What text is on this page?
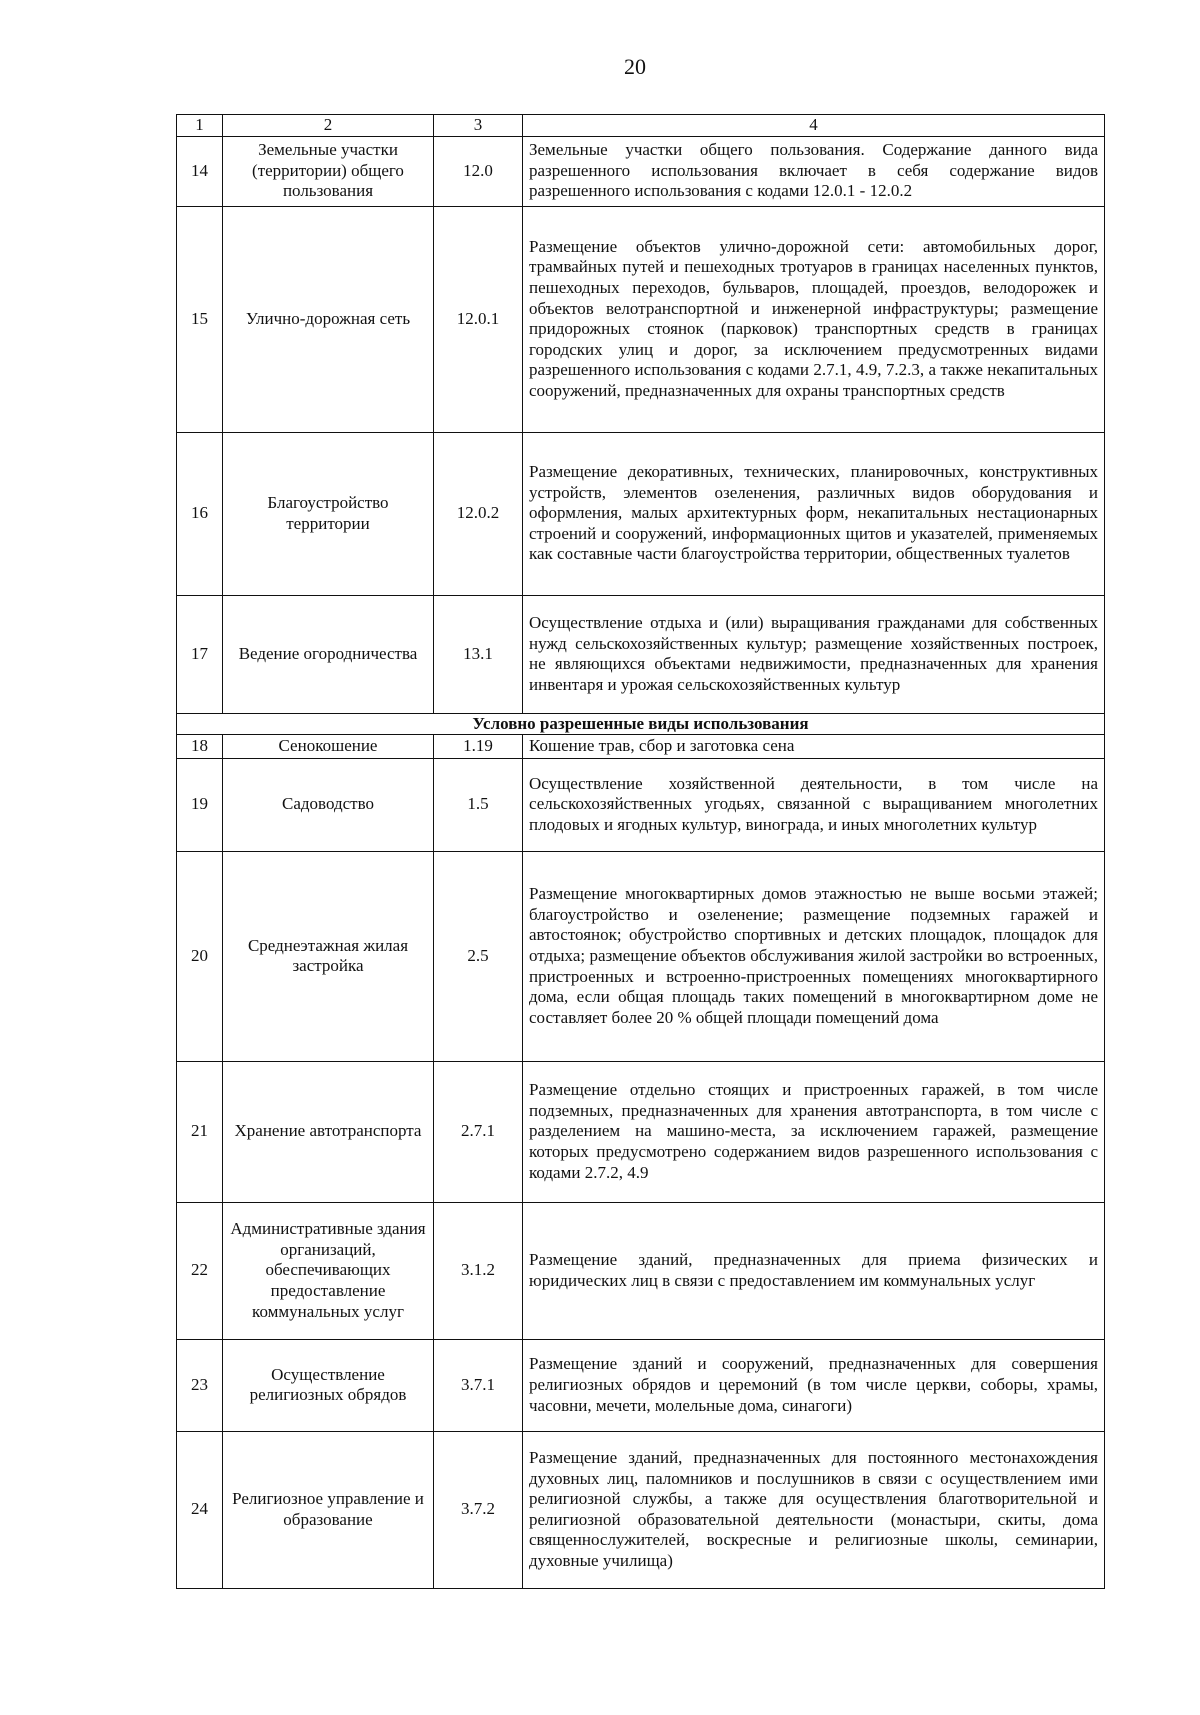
20
1	2	3	4
14	Земельные участки (территории) общего пользования	12.0	Земельные участки общего пользования. Содержание данного вида разрешенного использования включает в себя содержание видов разрешенного использования с кодами 12.0.1 - 12.0.2
15	Улично-дорожная сеть	12.0.1	Размещение объектов улично-дорожной сети: автомобильных дорог, трамвайных путей и пешеходных тротуаров в границах населенных пунктов, пешеходных переходов, бульваров, площадей, проездов, велодорожек и объектов велотранспортной и инженерной инфраструктуры; размещение придорожных стоянок (парковок) транспортных средств в границах городских улиц и дорог, за исключением предусмотренных видами разрешенного использования с кодами 2.7.1, 4.9, 7.2.3, а также некапитальных сооружений, предназначенных для охраны транспортных средств
16	Благоустройство территории	12.0.2	Размещение декоративных, технических, планировочных, конструктивных устройств, элементов озеленения, различных видов оборудования и оформления, малых архитектурных форм, некапитальных нестационарных строений и сооружений, информационных щитов и указателей, применяемых как составные части благоустройства территории, общественных туалетов
17	Ведение огородничества	13.1	Осуществление отдыха и (или) выращивания гражданами для собственных нужд сельскохозяйственных культур; размещение хозяйственных построек, не являющихся объектами недвижимости, предназначенных для хранения инвентаря и урожая сельскохозяйственных культур
Условно разрешенные виды использования			
18	Сенокошение	1.19	Кошение трав, сбор и заготовка сена
19	Садоводство	1.5	Осуществление хозяйственной деятельности, в том числе на сельскохозяйственных угодьях, связанной с выращиванием многолетних плодовых и ягодных культур, винограда, и иных многолетних культур
20	Среднеэтажная жилая застройка	2.5	Размещение многоквартирных домов этажностью не выше восьми этажей; благоустройство и озеленение; размещение подземных гаражей и автостоянок; обустройство спортивных и детских площадок, площадок для отдыха; размещение объектов обслуживания жилой застройки во встроенных, пристроенных и встроенно-пристроенных помещениях многоквартирного дома, если общая площадь таких помещений в многоквартирном доме не составляет более 20 % общей площади помещений дома
21	Хранение автотранспорта	2.7.1	Размещение отдельно стоящих и пристроенных гаражей, в том числе подземных, предназначенных для хранения автотранспорта, в том числе с разделением на машино-места, за исключением гаражей, размещение которых предусмотрено содержанием видов разрешенного использования с кодами 2.7.2, 4.9
22	Административные здания организаций, обеспечивающих предоставление коммунальных услуг	3.1.2	Размещение зданий, предназначенных для приема физических и юридических лиц в связи с предоставлением им коммунальных услуг
23	Осуществление религиозных обрядов	3.7.1	Размещение зданий и сооружений, предназначенных для совершения религиозных обрядов и церемоний (в том числе церкви, соборы, храмы, часовни, мечети, молельные дома, синагоги)
24	Религиозное управление и образование	3.7.2	Размещение зданий, предназначенных для постоянного местонахождения духовных лиц, паломников и послушников в связи с осуществлением ими религиозной службы, а также для осуществления благотворительной и религиозной образовательной деятельности (монастыри, скиты, дома священнослужителей, воскресные и религиозные школы, семинарии, духовные училища)
